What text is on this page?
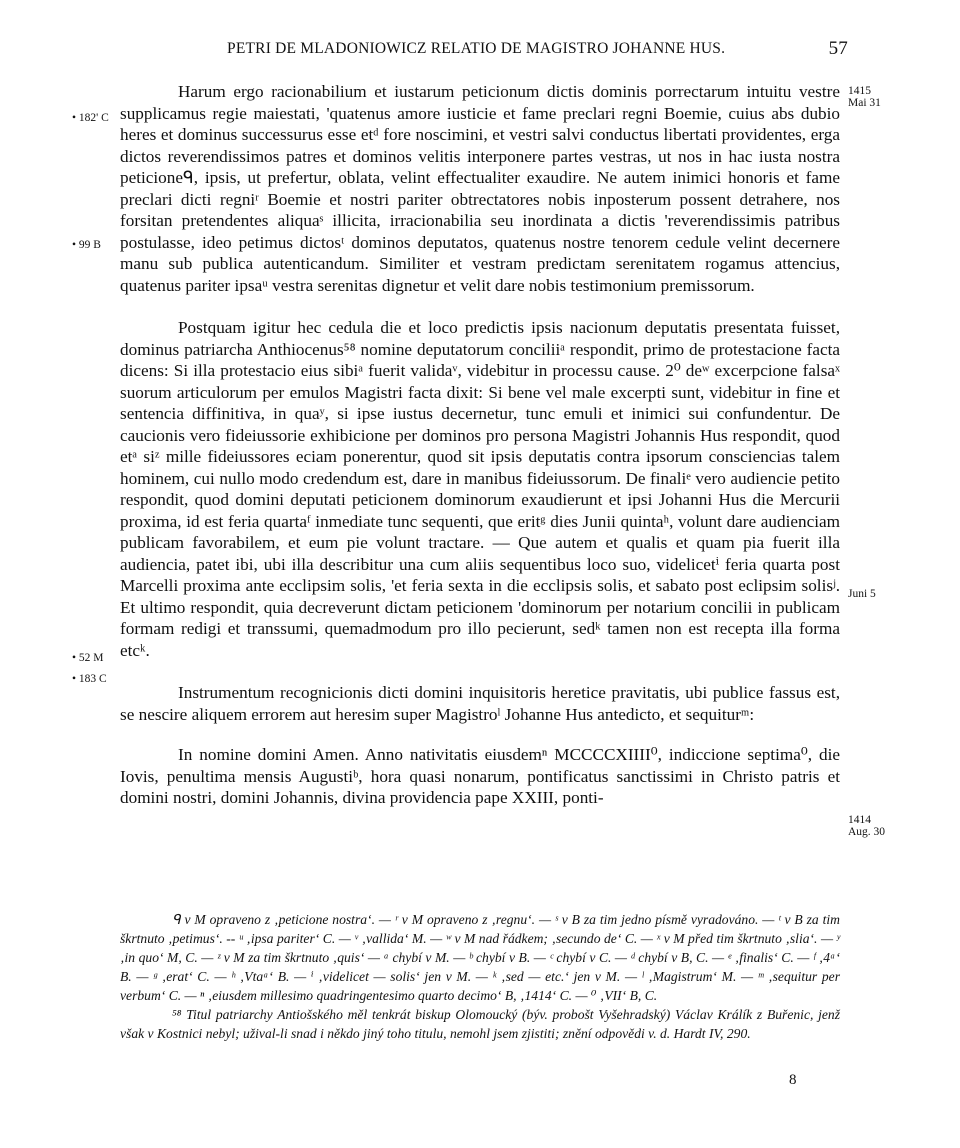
PETRI DE MLADONIOWICZ RELATIO DE MAGISTRO JOHANNE HUS.	57
1415
Mai 31
• 182' C
• 99 B
Juni 5
• 52 M
• 183 C
1414
Aug. 30

Harum ergo racionabilium et iustarum peticionum dictis dominis porrectarum intuitu vestre supplicamus regie maiestati, 'quatenus amore iusticie et fame preclari regni Boemie, cuius abs dubio heres et dominus successurus esse etᵈ fore noscimini, et vestri salvi conductus libertati providentes, erga dictos reverendissimos patres et dominos velitis interponere partes vestras, ut nos in hac iusta nostra peticioneᑫ, ipsis, ut prefertur, oblata, velint effectualiter exaudire. Ne autem inimici honoris et fame preclari dicti regniʳ Boemie et nostri pariter obtrectatores nobis inposterum possent detrahere, nos forsitan pretendentes aliquaˢ illicita, irracionabilia seu inordinata a dictis 'reverendissimis patribus postulasse, ideo petimus dictosᵗ dominos deputatos, quatenus nostre tenorem cedule velint decernere manu sub publica autenticandum. Similiter et vestram predictam serenitatem rogamus attencius, quatenus pariter ipsaᵘ vestra serenitas dignetur et velit dare nobis testimonium premissorum.

Postquam igitur hec cedula die et loco predictis ipsis nacionum deputatis presentata fuisset, dominus patriarcha Anthiocenus⁵⁸ nomine deputatorum conciliiᵃ respondit, primo de protestacione facta dicens: Si illa protestacio eius sibiᵃ fuerit validaᵛ, videbitur in processu cause. 2⁰ deʷ excerpcione falsaˣ suorum articulorum per emulos Magistri facta dixit: Si bene vel male excerpti sunt, videbitur in fine et sentencia diffinitiva, in quaʸ, si ipse iustus decernetur, tunc emuli et inimici sui confundentur. De caucionis vero fideiussorie exhibicione per dominos pro persona Magistri Johannis Hus respondit, quod etᵃ siᶻ mille fideiussores eciam ponerentur, quod sit ipsis deputatis contra ipsorum consciencias talem hominem, cui nullo modo credendum est, dare in manibus fideiussorum. De finaliᵉ vero audiencie petito respondit, quod domini deputati peticionem dominorum exaudierunt et ipsi Johanni Hus die Mercurii proxima, id est feria quartaᶠ inmediate tunc sequenti, que eritᵍ dies Junii quintaʰ, volunt dare audienciam publicam favorabilem, et eum pie volunt tractare. — Que autem et qualis et quam pia fuerit illa audiencia, patet ibi, ubi illa describitur una cum aliis sequentibus loco suo, videlicetⁱ feria quarta post Marcelli proxima ante ecclipsim solis, 'et feria sexta in die ecclipsis solis, et sabato post eclipsim solisʲ. Et ultimo respondit, quia decreverunt dictam peticionem 'dominorum per notarium concilii in publicam formam redigi et transsumi, quemadmodum pro illo pecierunt, sedᵏ tamen non est recepta illa forma etcᵏ.

Instrumentum recognicionis dicti domini inquisitoris heretice pravitatis, ubi publice fassus est, se nescire aliquem errorem aut heresim super Magistroˡ Johanne Hus antedicto, et sequiturᵐ:

In nomine domini Amen. Anno nativitatis eiusdemⁿ MCCCCXIIII⁰, indiccione septima⁰, die Iovis, penultima mensis Augustiᵇ, hora quasi nonarum, pontificatus sanctissimi in Christo patris et domini nostri, domini Johannis, divina providencia pape XXIII, ponti-

ᑫ v M opraveno z ‚peticione nostra‘. — ʳ v M opraveno z ‚regnu‘. — ˢ v B za tim jedno písmě vyradováno. — ᵗ v B za tim škrtnuto ‚petimus‘. -- ᵘ ‚ipsa pariter‘ C. — ᵛ ‚vallida‘ M. — ʷ v M nad řádkem; ‚secundo de‘ C. — ˣ v M před tim škrtnuto ‚slia‘. — ʸ ‚in quo‘ M, C. — ᶻ v M za tim škrtnuto ‚quis‘ — ᵃ chybí v M. — ᵇ chybí v B. — ᶜ chybí v C. — ᵈ chybí v B, C. — ᵉ ‚finalis‘ C. — ᶠ ‚4ᵃ‘ B. — ᵍ ‚erat‘ C. — ʰ ‚Vtaᵃ‘ B. — ⁱ ‚videlicet — solis‘ jen v M. — ᵏ ‚sed — etc.‘ jen v M. — ˡ ‚Magistrum‘ M. — ᵐ ‚sequitur per verbum‘ C. — ⁿ ‚eiusdem millesimo quadringentesimo quarto decimo‘ B, ‚1414‘ C. — ⁰ ‚VII‘ B, C.

⁵⁸ Titul patriarchy Antiošského měl tenkrát biskup Olomoucký (býv. probošt Vyšehradský) Václav Králík z Buřenic, jenž však v Kostnici nebyl; užival-li snad i někdo jiný toho titulu, nemohl jsem zjistiti; znění odpovědi v. d. Hardt IV, 290.

8
